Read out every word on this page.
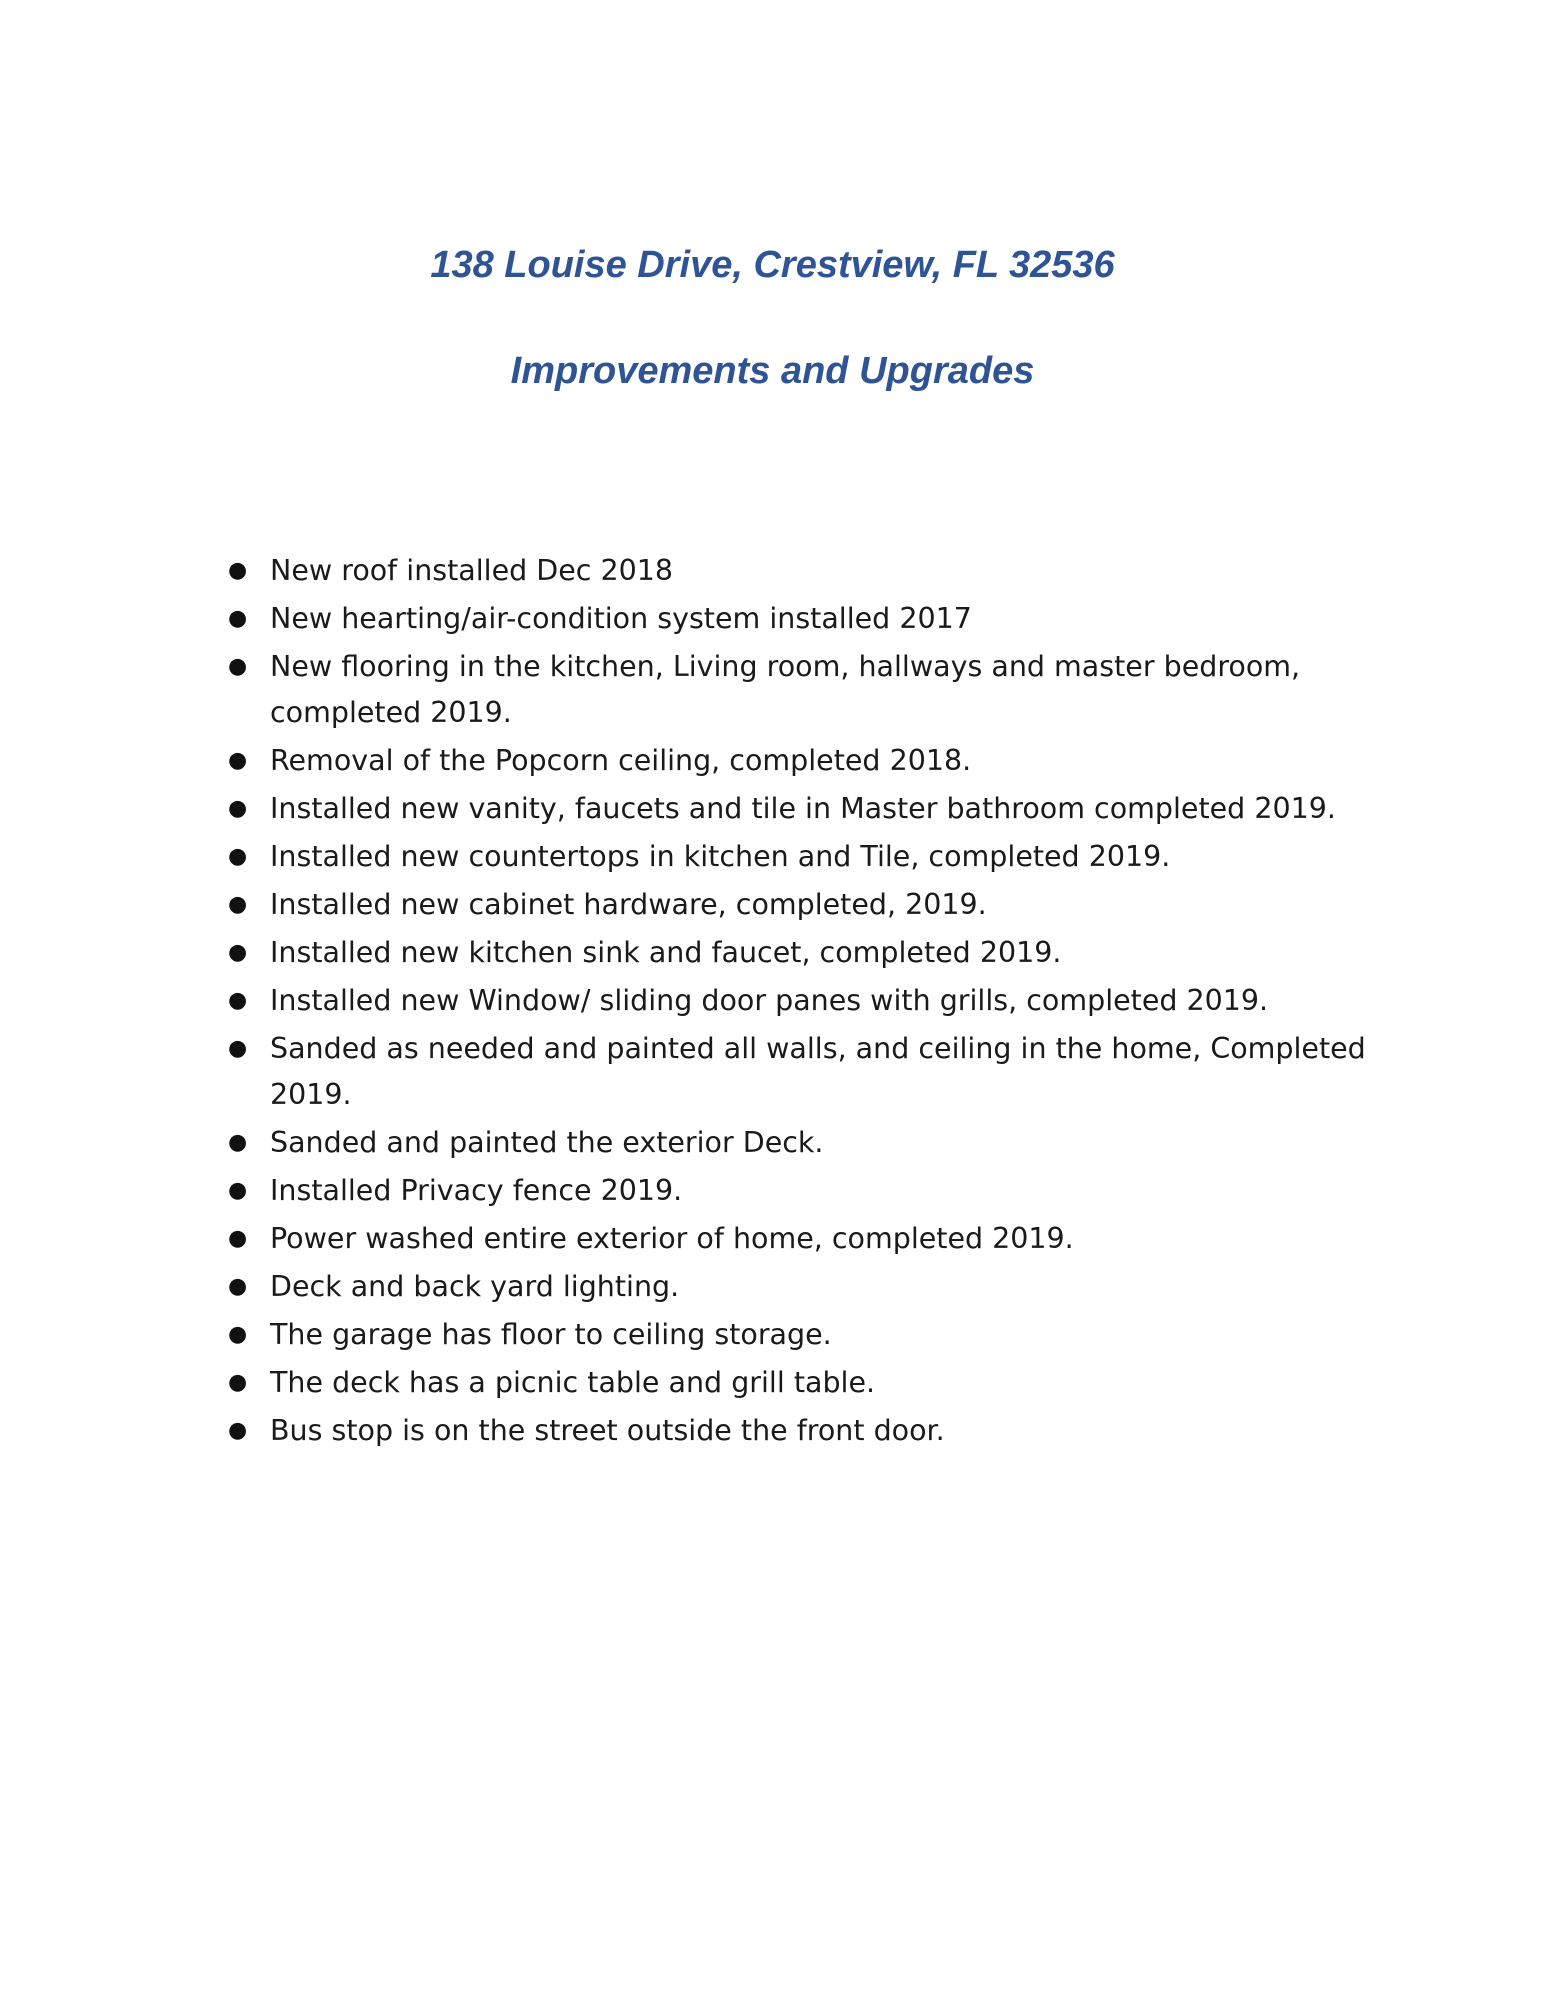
138 Louise Drive, Crestview, FL 32536
Improvements and Upgrades
● New roof installed Dec 2018
● New hearting/air-condition system installed 2017
● New flooring in the kitchen, Living room, hallways and master bedroom, completed 2019.
● Removal of the Popcorn ceiling, completed 2018.
● Installed new vanity, faucets and tile in Master bathroom completed 2019.
● Installed new countertops in kitchen and Tile, completed 2019.
● Installed new cabinet hardware, completed, 2019.
● Installed new kitchen sink and faucet, completed 2019.
● Installed new Window/ sliding door panes with grills, completed 2019.
● Sanded as needed and painted all walls, and ceiling in the home, Completed 2019.
● Sanded and painted the exterior Deck.
● Installed Privacy fence 2019.
● Power washed entire exterior of home, completed 2019.
● Deck and back yard lighting.
● The garage has floor to ceiling storage.
● The deck has a picnic table and grill table.
● Bus stop is on the street outside the front door.
